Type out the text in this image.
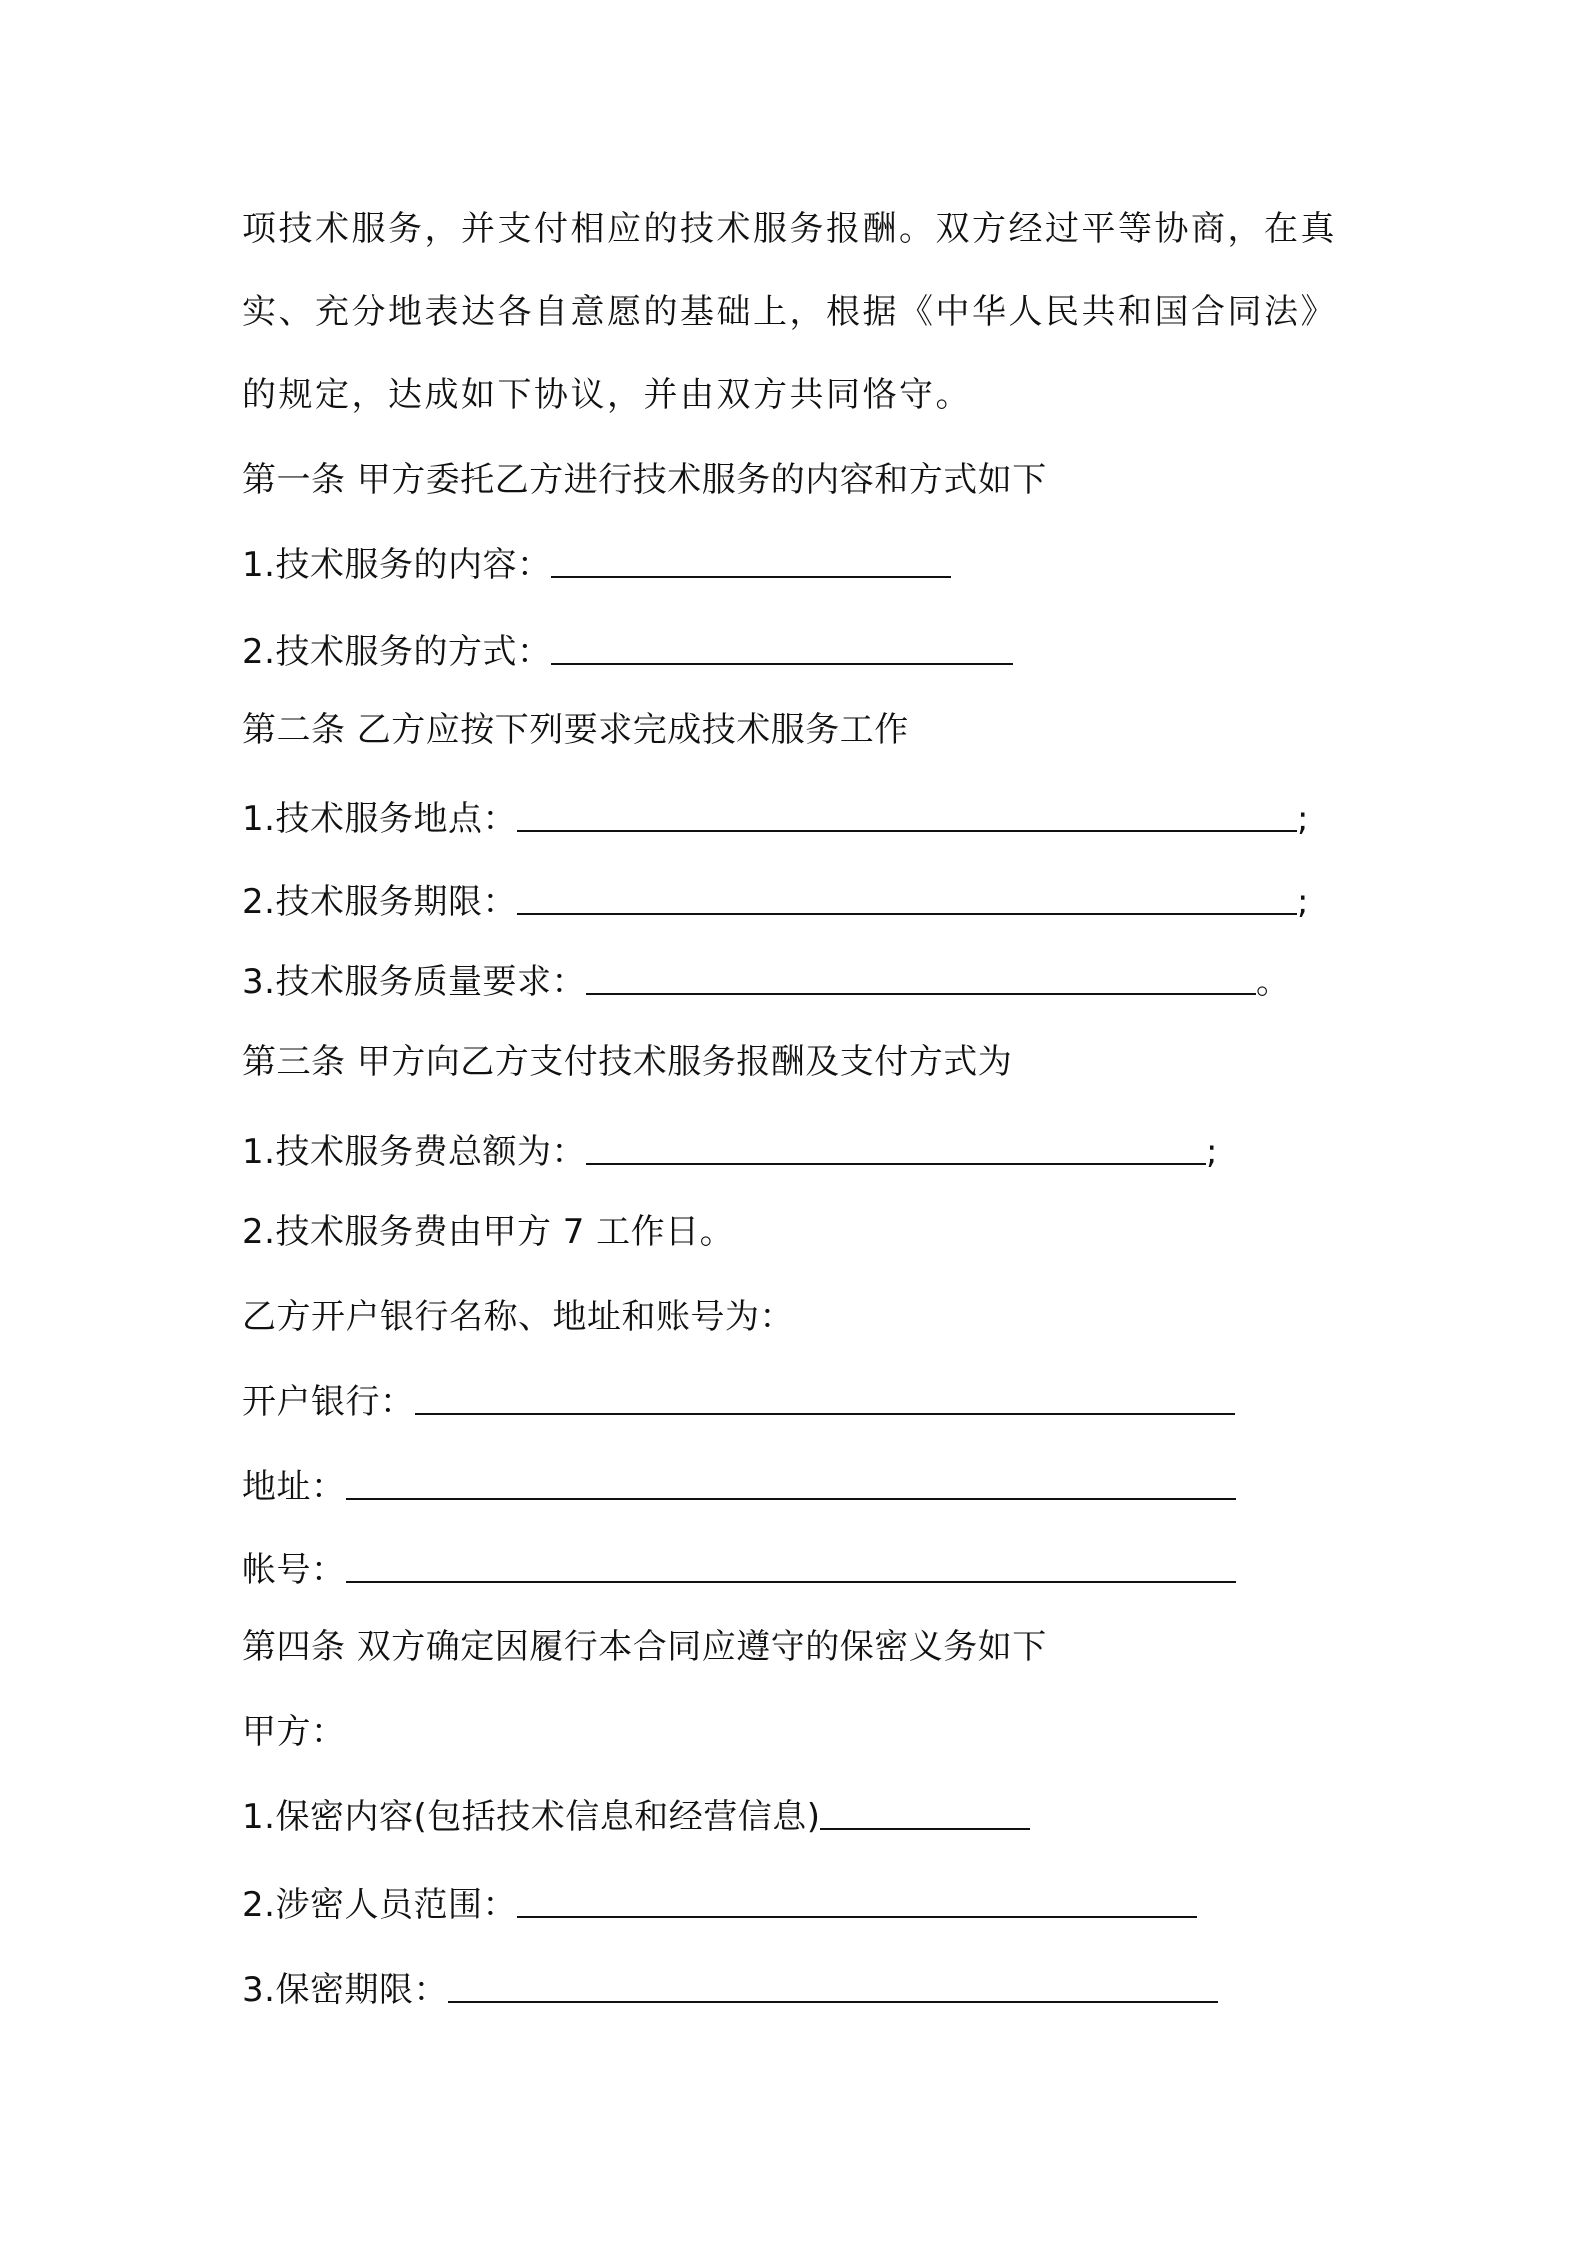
项技术服务，并支付相应的技术服务报酬。双方经过平等协商，在真
实、充分地表达各自意愿的基础上，根据《中华人民共和国合同法》
的规定，达成如下协议，并由双方共同恪守。
第一条 甲方委托乙方进行技术服务的内容和方式如下
1.技术服务的内容：
2.技术服务的方式：
第二条 乙方应按下列要求完成技术服务工作
1.技术服务地点：	;
2.技术服务期限：	;
3.技术服务质量要求：	。
第三条 甲方向乙方支付技术服务报酬及支付方式为
1.技术服务费总额为：	;
2.技术服务费由甲方 7 工作日。
乙方开户银行名称、地址和账号为：
开户银行：
地址：
帐号：
第四条 双方确定因履行本合同应遵守的保密义务如下
甲方：
1.保密内容(包括技术信息和经营信息)
2.涉密人员范围：
3.保密期限：
